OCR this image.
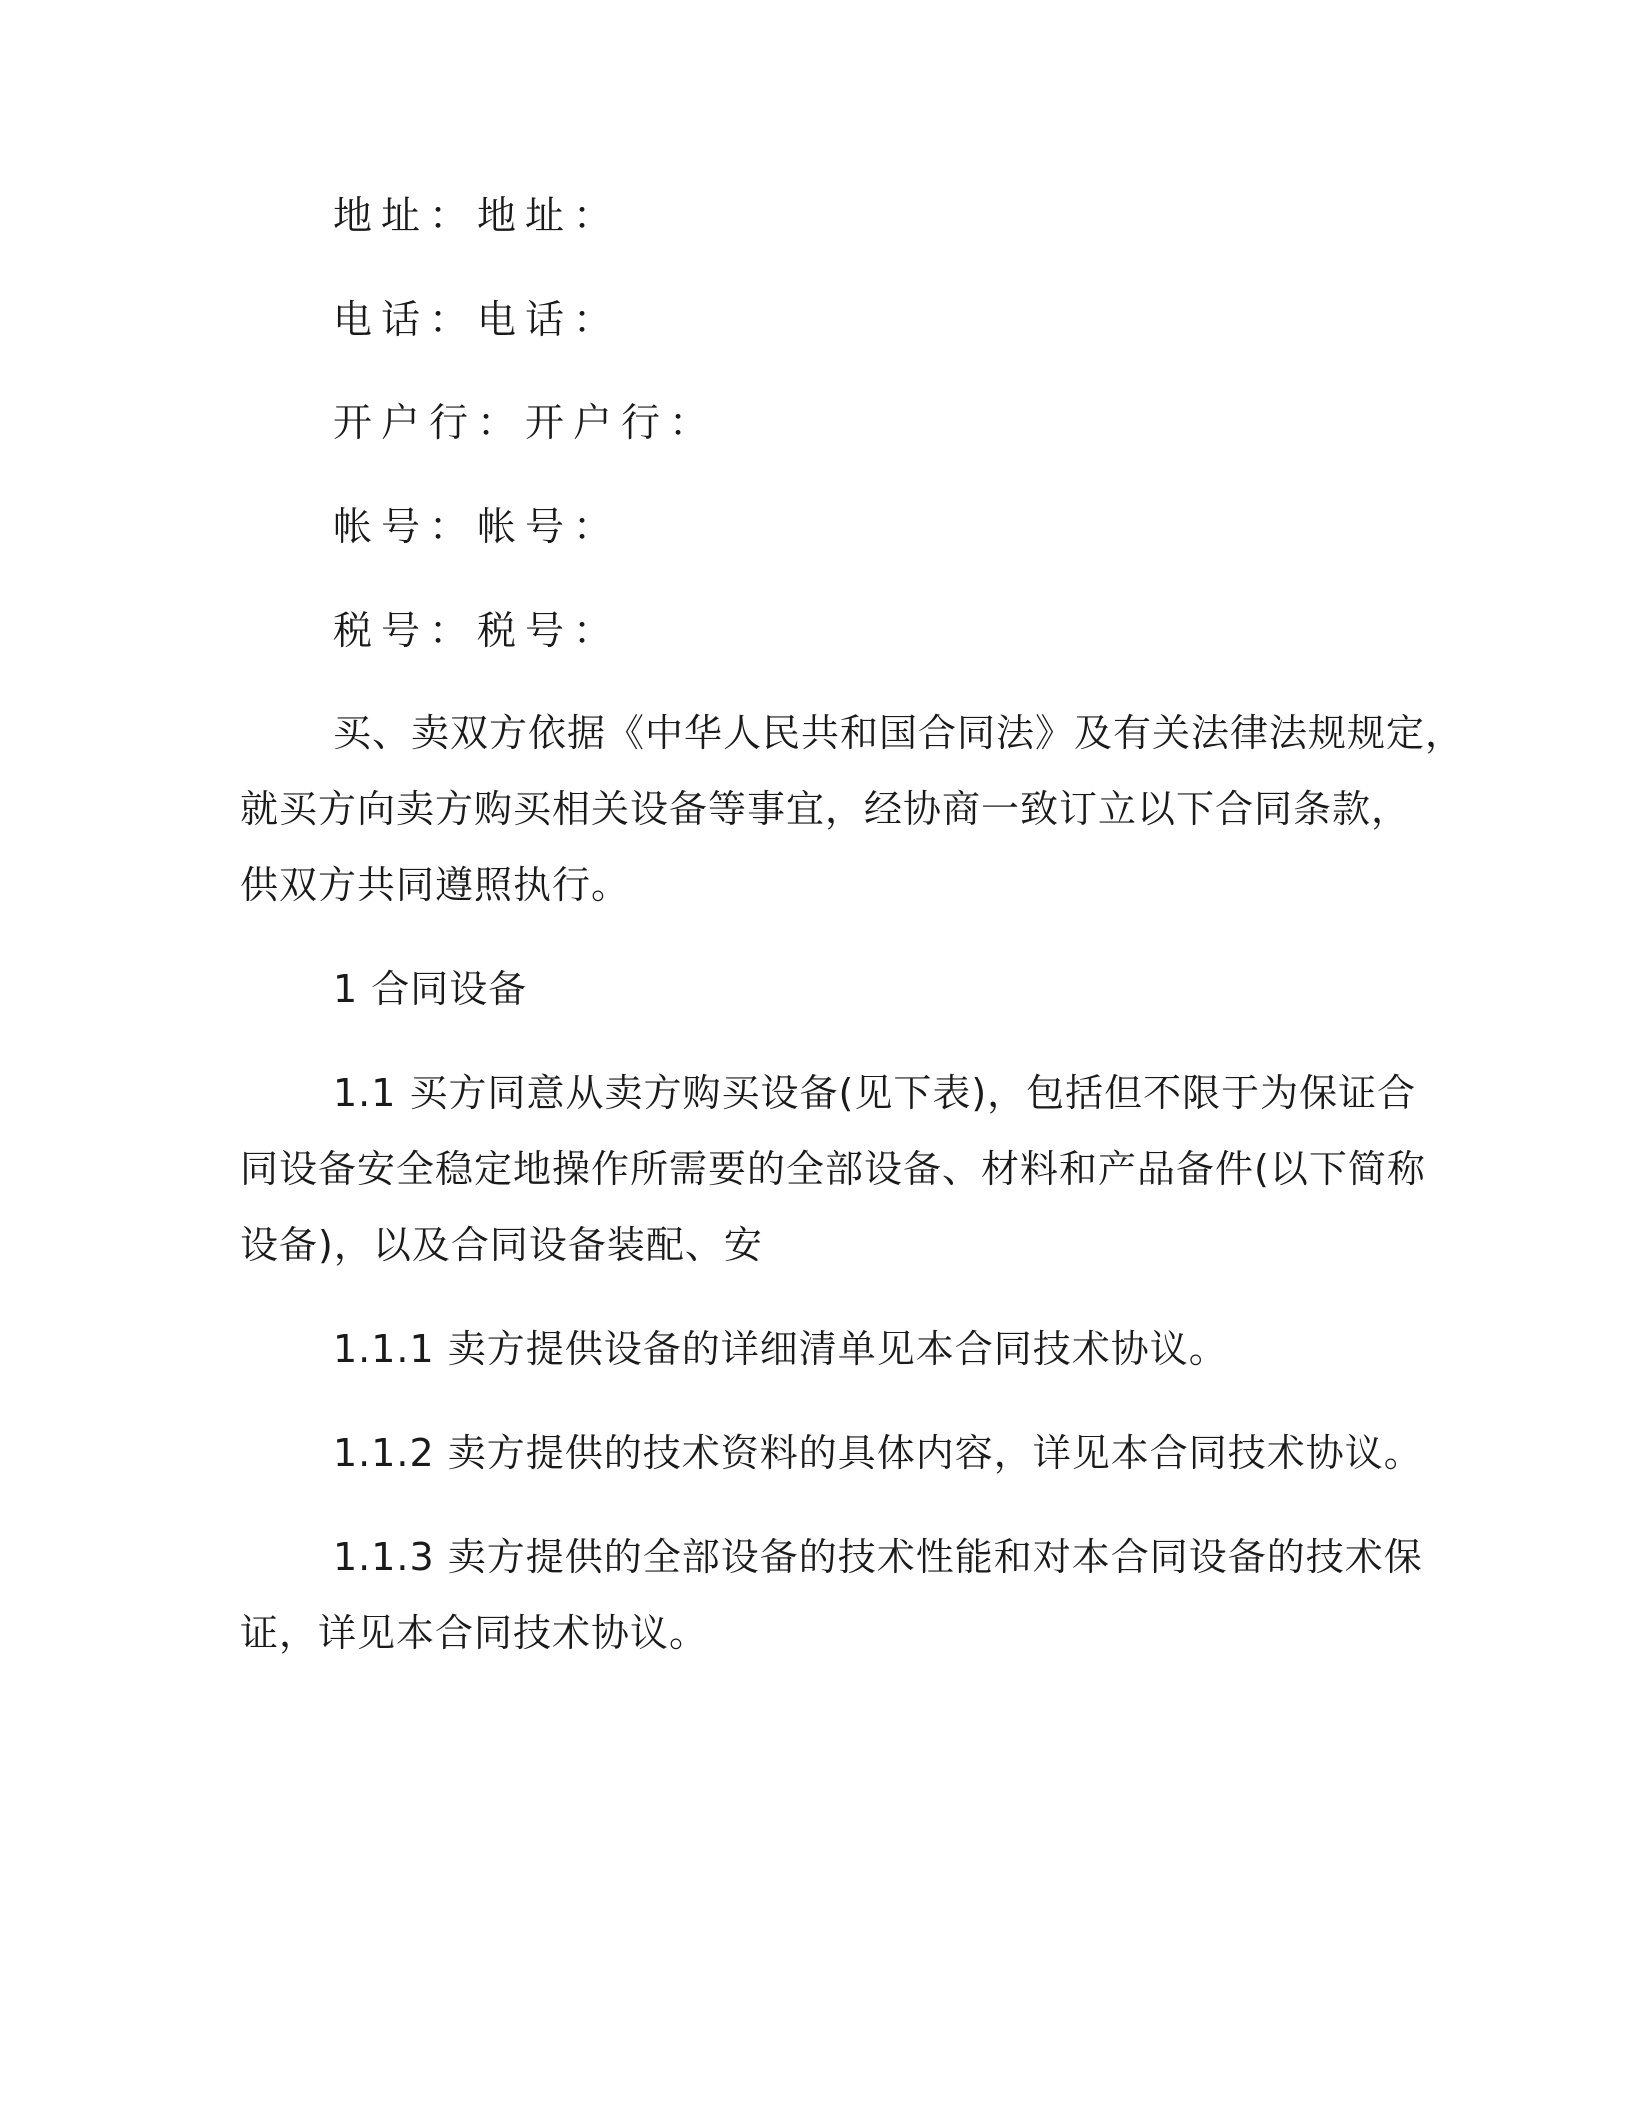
地址：地址：
电话：电话：
开户行：开户行：
帐号：帐号：
税号：税号：
买、卖双方依据《中华人民共和国合同法》及有关法律法规规定，
就买方向卖方购买相关设备等事宜，经协商一致订立以下合同条款，
供双方共同遵照执行。
1 合同设备
1.1 买方同意从卖方购买设备(见下表)，包括但不限于为保证合
同设备安全稳定地操作所需要的全部设备、材料和产品备件(以下简称
设备)，以及合同设备装配、安
1.1.1 卖方提供设备的详细清单见本合同技术协议。
1.1.2 卖方提供的技术资料的具体内容，详见本合同技术协议。
1.1.3 卖方提供的全部设备的技术性能和对本合同设备的技术保
证，详见本合同技术协议。
